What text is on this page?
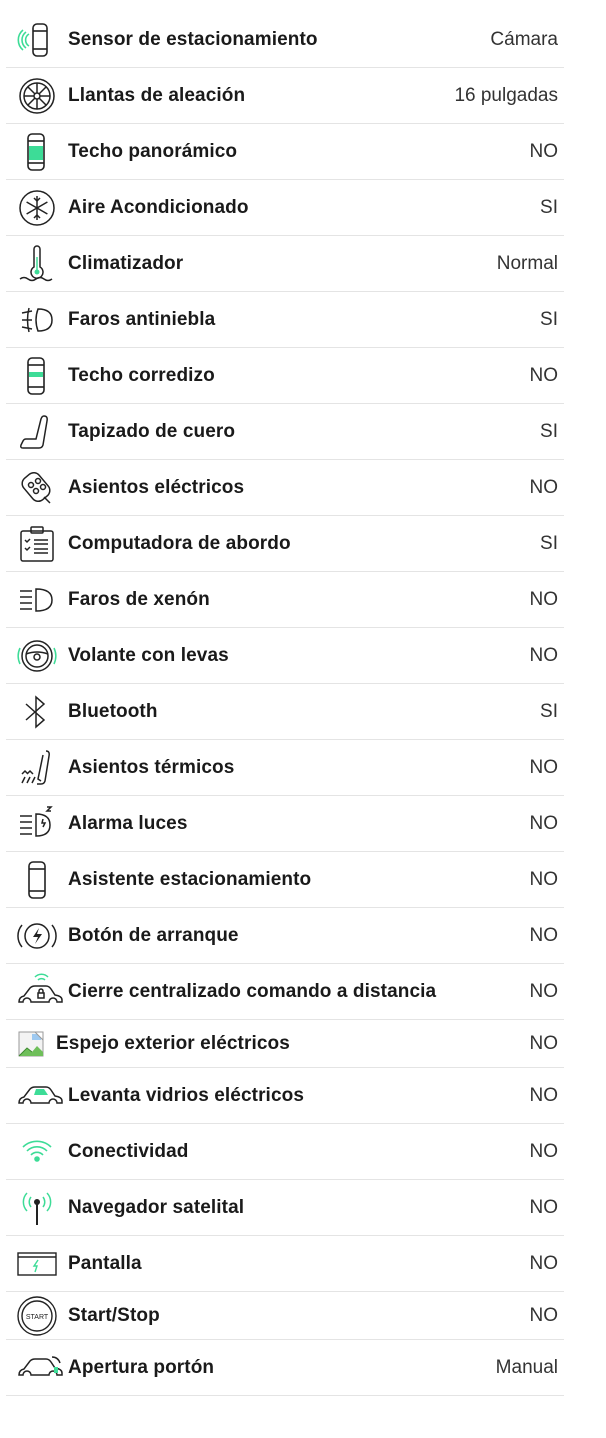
Sensor de estacionamiento	Cámara
Llantas de aleación	16 pulgadas
Techo panorámico	NO
Aire Acondicionado	SI
Climatizador	Normal
Faros antiniebla	SI
Techo corredizo	NO
Tapizado de cuero	SI
Asientos eléctricos	NO
Computadora de abordo	SI
Faros de xenón	NO
Volante con levas	NO
Bluetooth	SI
Asientos térmicos	NO
Alarma luces	NO
Asistente estacionamiento	NO
Botón de arranque	NO
Cierre centralizado comando a distancia	NO
Espejo exterior eléctricos	NO
Levanta vidrios eléctricos	NO
Conectividad	NO
Navegador satelital	NO
Pantalla	NO
START Start/Stop	NO
Apertura portón	Manual
